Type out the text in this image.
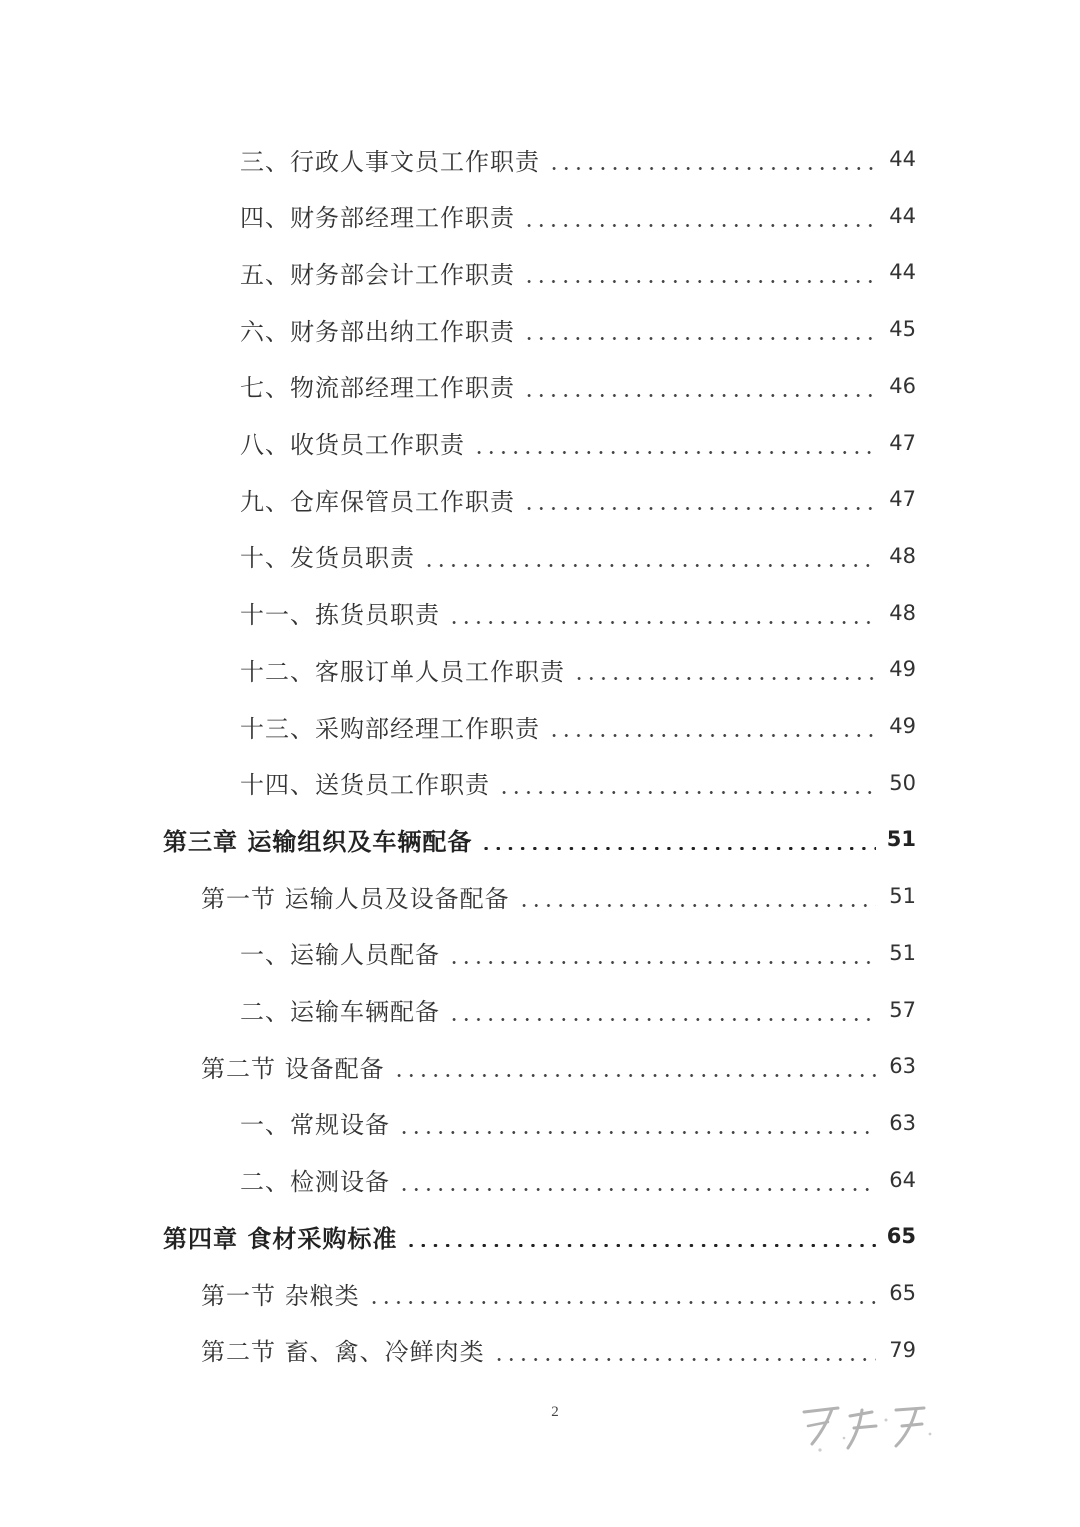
三、行政人事文员工作职责	44
四、财务部经理工作职责	44
五、财务部会计工作职责	44
六、财务部出纳工作职责	45
七、物流部经理工作职责	46
八、收货员工作职责	47
九、仓库保管员工作职责	47
十、发货员职责	48
十一、拣货员职责	48
十二、客服订单人员工作职责	49
十三、采购部经理工作职责	49
十四、送货员工作职责	50
第三章 运输组织及车辆配备	51
第一节 运输人员及设备配备	51
一、运输人员配备	51
二、运输车辆配备	57
第二节 设备配备	63
一、常规设备	63
二、检测设备	64
第四章 食材采购标准	65
第一节 杂粮类	65
第二节 畜、禽、冷鲜肉类	79
2
